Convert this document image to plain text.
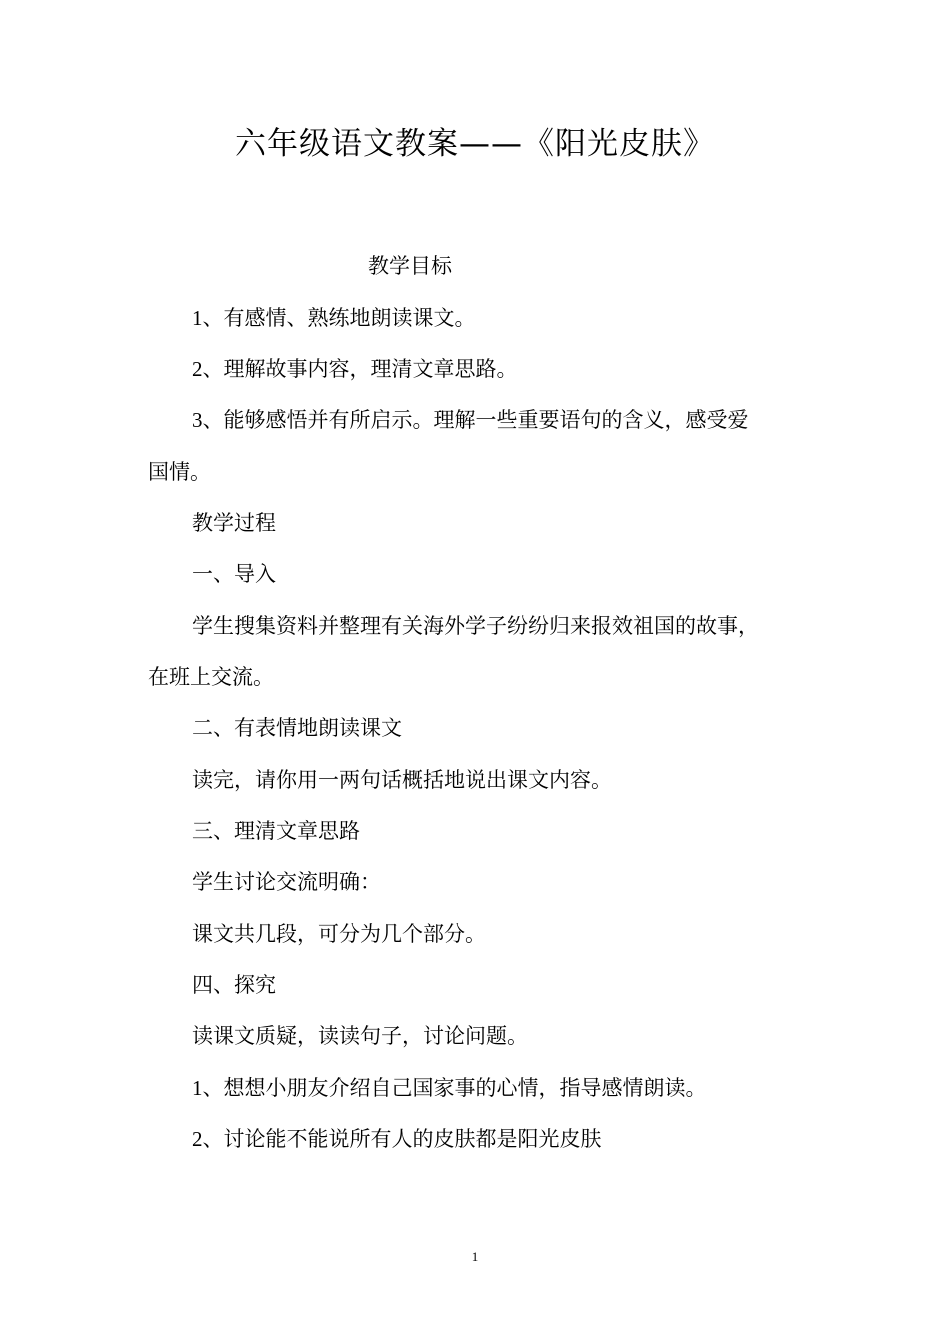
六年级语文教案——《阳光皮肤》
教学目标
1、有感情、熟练地朗读课文。
2、理解故事内容，理清文章思路。
3、能够感悟并有所启示。理解一些重要语句的含义，感受爱
国情。
教学过程
一、导入
学生搜集资料并整理有关海外学子纷纷归来报效祖国的故事，
在班上交流。
二、有表情地朗读课文
读完，请你用一两句话概括地说出课文内容。
三、理清文章思路
学生讨论交流明确：
课文共几段，可分为几个部分。
四、探究
读课文质疑，读读句子，讨论问题。
1、想想小朋友介绍自己国家事的心情，指导感情朗读。
2、讨论能不能说所有人的皮肤都是阳光皮肤
1
